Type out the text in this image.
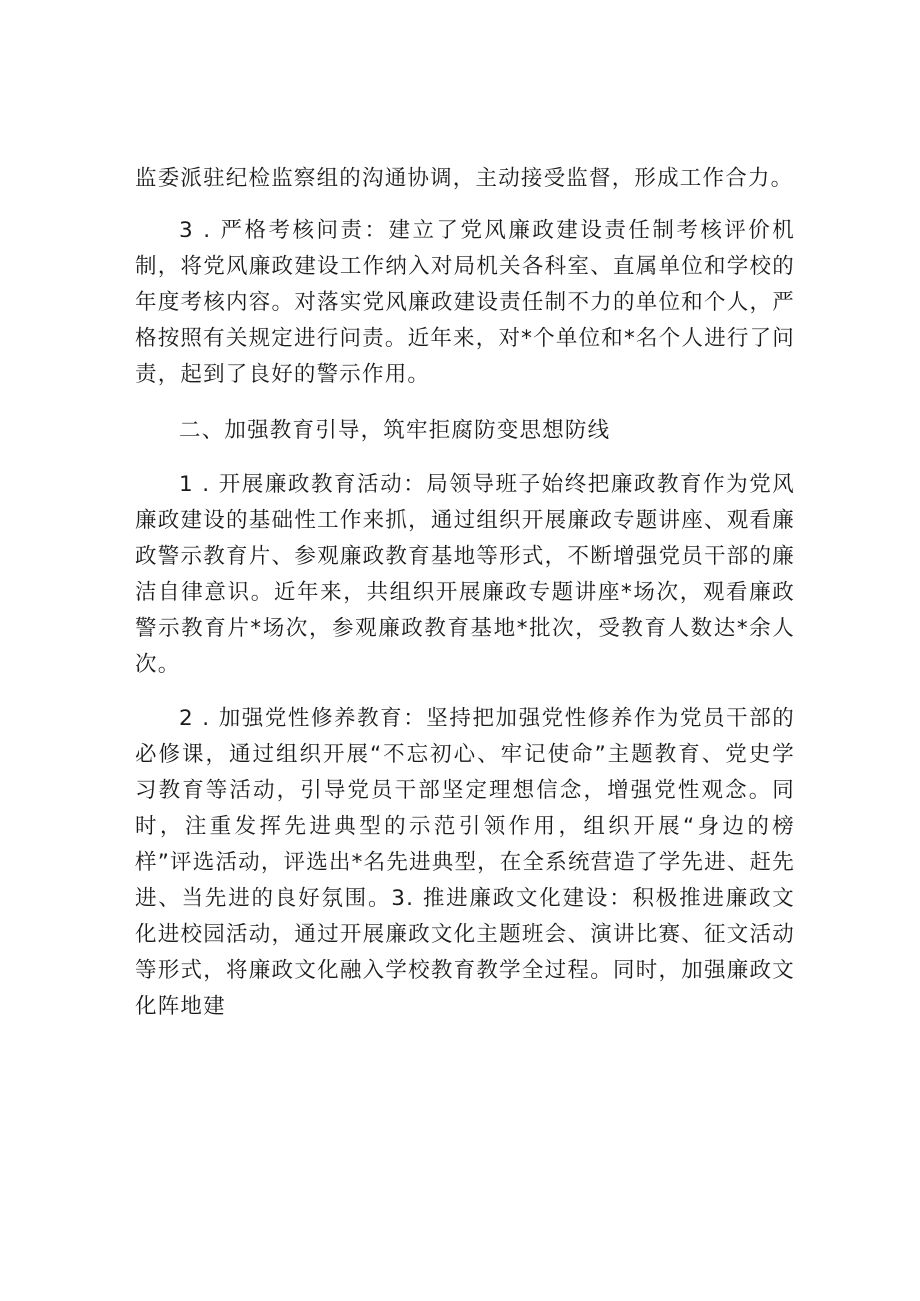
监委派驻纪检监察组的沟通协调，主动接受监督，形成工作合力。

3 . 严格考核问责：建立了党风廉政建设责任制考核评价机制，将党风廉政建设工作纳入对局机关各科室、直属单位和学校的年度考核内容。对落实党风廉政建设责任制不力的单位和个人，严格按照有关规定进行问责。近年来，对*个单位和*名个人进行了问责，起到了良好的警示作用。

二、加强教育引导，筑牢拒腐防变思想防线

1 . 开展廉政教育活动：局领导班子始终把廉政教育作为党风廉政建设的基础性工作来抓，通过组织开展廉政专题讲座、观看廉政警示教育片、参观廉政教育基地等形式，不断增强党员干部的廉洁自律意识。近年来，共组织开展廉政专题讲座*场次，观看廉政警示教育片*场次，参观廉政教育基地*批次，受教育人数达*余人次。

2 . 加强党性修养教育：坚持把加强党性修养作为党员干部的必修课，通过组织开展“不忘初心、牢记使命”主题教育、党史学习教育等活动，引导党员干部坚定理想信念，增强党性观念。同时，注重发挥先进典型的示范引领作用，组织开展“身边的榜样”评选活动，评选出*名先进典型，在全系统营造了学先进、赶先进、当先进的良好氛围。3. 推进廉政文化建设：积极推进廉政文化进校园活动，通过开展廉政文化主题班会、演讲比赛、征文活动等形式，将廉政文化融入学校教育教学全过程。同时，加强廉政文化阵地建
